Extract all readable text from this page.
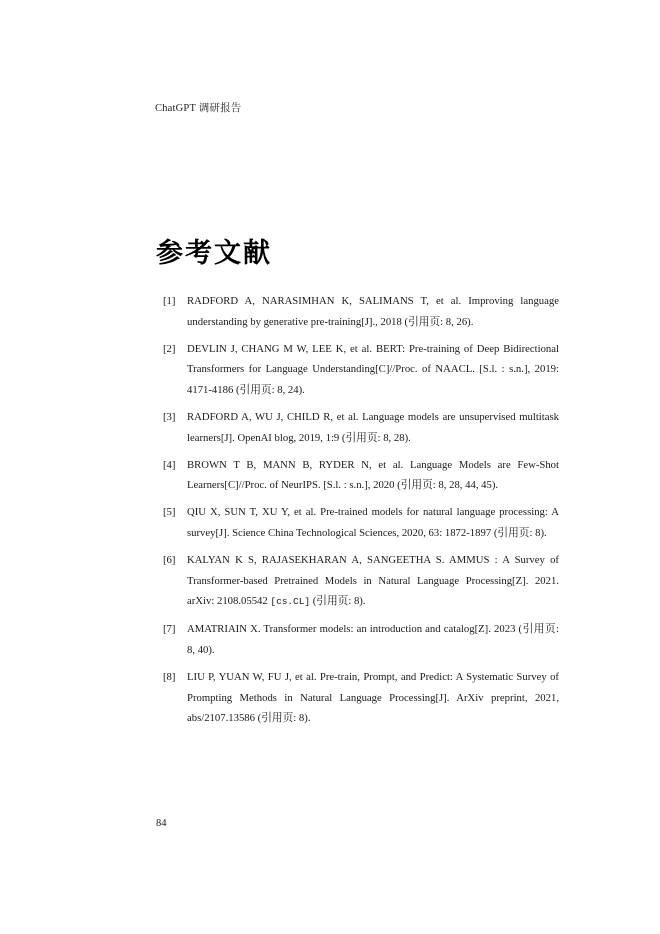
ChatGPT 调研报告
参考文献
[1]	RADFORD A, NARASIMHAN K, SALIMANS T, et al. Improving language understanding by generative pre-training[J]., 2018 (引用页: 8, 26).
[2]	DEVLIN J, CHANG M W, LEE K, et al. BERT: Pre-training of Deep Bidirectional Transformers for Language Understanding[C]//Proc. of NAACL. [S.l. : s.n.], 2019: 4171-4186 (引用页: 8, 24).
[3]	RADFORD A, WU J, CHILD R, et al. Language models are unsupervised multitask learners[J]. OpenAI blog, 2019, 1:9 (引用页: 8, 28).
[4]	BROWN T B, MANN B, RYDER N, et al. Language Models are Few-Shot Learners[C]//Proc. of NeurIPS. [S.l. : s.n.], 2020 (引用页: 8, 28, 44, 45).
[5]	QIU X, SUN T, XU Y, et al. Pre-trained models for natural language processing: A survey[J]. Science China Technological Sciences, 2020, 63: 1872-1897 (引用页: 8).
[6]	KALYAN K S, RAJASEKHARAN A, SANGEETHA S. AMMUS : A Survey of Transformer-based Pretrained Models in Natural Language Processing[Z]. 2021. arXiv: 2108.05542 [cs.CL] (引用页: 8).
[7]	AMATRIAIN X. Transformer models: an introduction and catalog[Z]. 2023 (引用页: 8, 40).
[8]	LIU P, YUAN W, FU J, et al. Pre-train, Prompt, and Predict: A Systematic Survey of Prompting Methods in Natural Language Processing[J]. ArXiv preprint, 2021, abs/2107.13586 (引用页: 8).
84
